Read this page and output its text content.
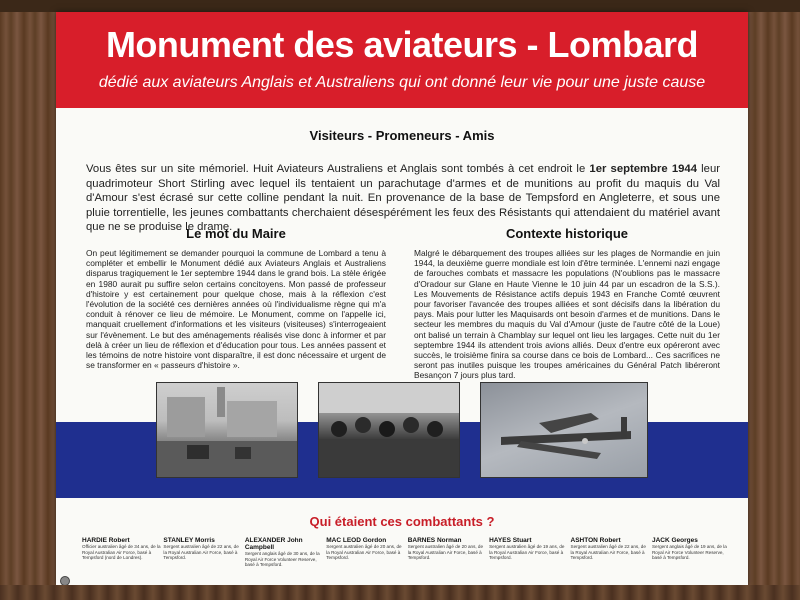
Monument des aviateurs - Lombard
dédié aux aviateurs Anglais et Australiens qui ont donné leur vie pour une juste cause
Visiteurs - Promeneurs - Amis
Vous êtes sur un site mémoriel. Huit Aviateurs Australiens et Anglais sont tombés à cet endroit le 1er septembre 1944 leur quadrimoteur Short Stirling avec lequel ils tentaient un parachutage d'armes et de munitions au profit du maquis du Val d'Amour s'est écrasé sur cette colline pendant la nuit. En provenance de la base de Tempsford en Angleterre, et sous une pluie torrentielle, les jeunes combattants cherchaient désespérément les feux des Résistants qui attendaient du matériel avant que ne se produise le drame.
Le mot du Maire
On peut légitimement se demander pourquoi la commune de Lombard a tenu à compléter et embellir le Monument dédié aux Aviateurs Anglais et Australiens disparus tragiquement le 1er septembre 1944 dans le grand bois. La stèle érigée en 1980 aurait pu suffire selon certains concitoyens. Mon passé de professeur d'histoire y est certainement pour quelque chose, mais à la réflexion c'est l'évolution de la société ces dernières années où l'individualisme règne qui m'a conduit à rénover ce lieu de mémoire. Le Monument, comme on l'appelle ici, manquait cruellement d'informations et les visiteurs (visiteuses) s'interrogeaient sur l'évènement. Le but des aménagements réalisés vise donc à informer et par delà à créer un lieu de réflexion et d'éducation pour tous. Les années passent et les témoins de notre histoire vont disparaître, il est donc nécessaire et urgent de se transformer en « passeurs d'histoire ».
Contexte historique
Malgré le débarquement des troupes alliées sur les plages de Normandie en juin 1944, la deuxième guerre mondiale est loin d'être terminée. L'ennemi nazi engage de farouches combats et massacre les populations (N'oublions pas le massacre d'Oradour sur Glane en Haute Vienne le 10 juin 44 par un escadron de la S.S.). Les Mouvements de Résistance actifs depuis 1943 en Franche Comté œuvrent pour favoriser l'avancée des troupes alliées et sont décisifs dans la libération du pays. Mais pour lutter les Maquisards ont besoin d'armes et de munitions. Dans le secteur les membres du maquis du Val d'Amour (juste de l'autre côté de la Loue) ont balisé un terrain à Chamblay sur lequel ont lieu les largages. Cette nuit du 1er septembre 1944 ils attendent trois avions alliés. Deux d'entre eux opéreront avec succès, le troisième finira sa course dans ce bois de Lombard... Ces sacrifices ne seront pas inutiles puisque les troupes américaines du Général Patch libéreront Besançon 7 jours plus tard.
Qui étaient ces combattants ?
HARDIE Robert
Officier australien âgé de 34 ans, de la Royal Australian Air Force, basé à Tempsford (nord de Londres).
STANLEY Morris
Sergent australien âgé de 22 ans, de la Royal Australian Air Force, basé à Tempsford.
ALEXANDER John Campbell
Sergent anglais âgé de 30 ans, de la Royal Air Force Volunteer Reserve, basé à Tempsford.
MAC LEOD Gordon
Sergent australien âgé de 20 ans, de la Royal Australian Air Force, basé à Tempsford.
BARNES Norman
Sergent australien âgé de 20 ans, de la Royal Australian Air Force, basé à Tempsford.
HAYES Stuart
Sergent australien âgé de 19 ans, de la Royal Australian Air Force, basé à Tempsford.
ASHTON Robert
Sergent australien âgé de 22 ans, de la Royal Australian Air Force, basé à Tempsford.
JACK Georges
Sergent anglais âgé de 19 ans, de la Royal Air Force Volunteer Reserve, basé à Tempsford.
